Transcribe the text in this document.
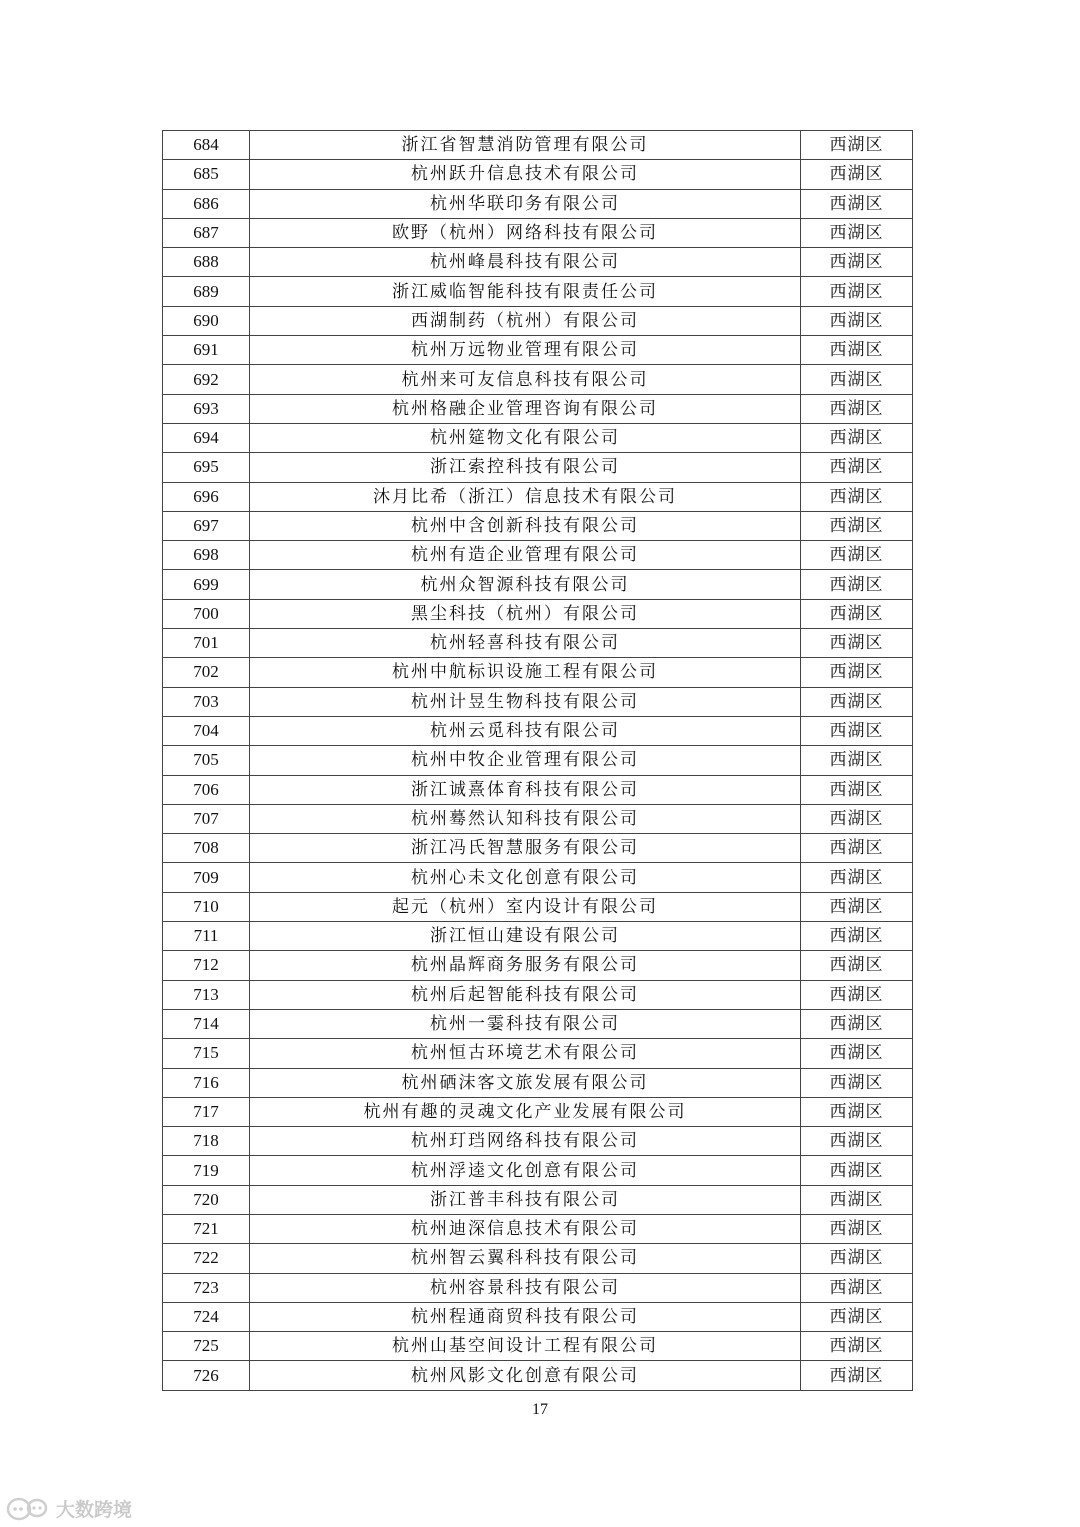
684	浙江省智慧消防管理有限公司	西湖区
685	杭州跃升信息技术有限公司	西湖区
686	杭州华联印务有限公司	西湖区
687	欧野（杭州）网络科技有限公司	西湖区
688	杭州峰晨科技有限公司	西湖区
689	浙江威临智能科技有限责任公司	西湖区
690	西湖制药（杭州）有限公司	西湖区
691	杭州万远物业管理有限公司	西湖区
692	杭州来可友信息科技有限公司	西湖区
693	杭州格融企业管理咨询有限公司	西湖区
694	杭州筵物文化有限公司	西湖区
695	浙江索控科技有限公司	西湖区
696	沐月比希（浙江）信息技术有限公司	西湖区
697	杭州中含创新科技有限公司	西湖区
698	杭州有造企业管理有限公司	西湖区
699	杭州众智源科技有限公司	西湖区
700	黑尘科技（杭州）有限公司	西湖区
701	杭州轻喜科技有限公司	西湖区
702	杭州中航标识设施工程有限公司	西湖区
703	杭州计昱生物科技有限公司	西湖区
704	杭州云觅科技有限公司	西湖区
705	杭州中牧企业管理有限公司	西湖区
706	浙江诚熹体育科技有限公司	西湖区
707	杭州蓦然认知科技有限公司	西湖区
708	浙江冯氏智慧服务有限公司	西湖区
709	杭州心未文化创意有限公司	西湖区
710	起元（杭州）室内设计有限公司	西湖区
711	浙江恒山建设有限公司	西湖区
712	杭州晶辉商务服务有限公司	西湖区
713	杭州后起智能科技有限公司	西湖区
714	杭州一霎科技有限公司	西湖区
715	杭州恒古环境艺术有限公司	西湖区
716	杭州硒沫客文旅发展有限公司	西湖区
717	杭州有趣的灵魂文化产业发展有限公司	西湖区
718	杭州玎珰网络科技有限公司	西湖区
719	杭州浮逵文化创意有限公司	西湖区
720	浙江普丰科技有限公司	西湖区
721	杭州迪深信息技术有限公司	西湖区
722	杭州智云翼科科技有限公司	西湖区
723	杭州容景科技有限公司	西湖区
724	杭州程通商贸科技有限公司	西湖区
725	杭州山基空间设计工程有限公司	西湖区
726	杭州风影文化创意有限公司	西湖区
17
大数跨境
